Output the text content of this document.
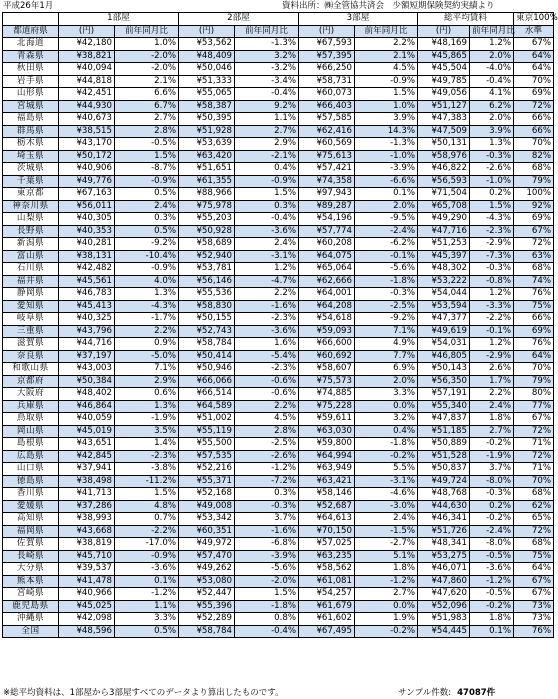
平成26年1月	資料出所：㈱全管協共済会　少額短期保険契約実績より
	1部屋		2部屋		3部屋		総平均賃料		東京100%
都道府県	(円)	前年同月比	(円)	前年同月比	(円)	前年同月比	(円)	前年同月比	水準
北海道	¥42,180	1.0%	¥53,562	-1.3%	¥67,593	2.2%	¥48,169	1.2%	67%
青森県	¥38,821	-2.0%	¥48,409	3.2%	¥57,395	2.1%	¥45,865	2.0%	64%
秋田県	¥40,094	-2.0%	¥50,046	-3.2%	¥66,250	4.5%	¥45,504	-4.0%	64%
岩手県	¥44,818	2.1%	¥51,333	-3.4%	¥58,731	-0.9%	¥49,785	-0.4%	70%
山形県	¥42,451	6.6%	¥55,065	-0.4%	¥60,073	1.5%	¥49,056	4.1%	69%
宮城県	¥44,930	6.7%	¥58,387	9.2%	¥66,403	1.0%	¥51,127	6.2%	72%
福島県	¥40,673	2.7%	¥50,395	1.1%	¥57,585	3.9%	¥47,383	2.0%	66%
群馬県	¥38,515	2.8%	¥51,928	2.7%	¥62,416	14.3%	¥47,509	3.9%	66%
栃木県	¥43,170	-0.5%	¥53,639	2.9%	¥60,569	-1.3%	¥50,131	1.3%	70%
埼玉県	¥50,172	1.5%	¥63,420	-2.1%	¥75,613	-1.0%	¥58,976	-0.3%	82%
茨城県	¥40,906	-8.7%	¥51,651	0.4%	¥57,421	-3.9%	¥46,822	-2.6%	68%
千葉県	¥49,776	-0.9%	¥61,355	-0.9%	¥74,358	-6.6%	¥56,593	-1.0%	79%
東京都	¥67,163	0.5%	¥88,966	1.5%	¥97,943	0.1%	¥71,504	0.2%	100%
神奈川県	¥56,011	2.4%	¥75,978	0.3%	¥89,287	2.0%	¥65,708	1.5%	92%
山梨県	¥40,305	0.3%	¥55,203	-0.4%	¥54,196	-9.5%	¥49,290	-4.3%	69%
長野県	¥40,353	0.5%	¥50,928	-3.6%	¥57,774	-2.4%	¥47,716	-2.3%	67%
新潟県	¥40,281	-9.2%	¥58,689	2.4%	¥60,208	-6.2%	¥51,253	-2.9%	72%
富山県	¥38,131	-10.4%	¥52,940	-3.1%	¥64,075	-0.1%	¥45,397	-7.3%	63%
石川県	¥42,482	-0.9%	¥53,781	1.2%	¥65,064	-5.6%	¥48,302	-0.3%	68%
福井県	¥45,561	4.0%	¥56,146	-4.7%	¥62,666	-1.8%	¥53,222	-0.8%	74%
静岡県	¥46,783	1.3%	¥55,536	2.2%	¥64,001	-0.3%	¥54,044	1.2%	76%
愛知県	¥45,413	-4.3%	¥58,830	-1.6%	¥64,208	-2.5%	¥53,594	-3.3%	75%
岐阜県	¥40,325	-1.7%	¥50,155	-2.3%	¥54,618	-9.2%	¥47,377	-2.2%	66%
三重県	¥43,796	2.2%	¥52,743	-3.6%	¥59,093	7.1%	¥49,619	-0.1%	69%
滋賀県	¥44,716	0.9%	¥58,784	1.6%	¥66,600	4.9%	¥54,031	1.2%	76%
奈良県	¥37,197	-5.0%	¥50,414	-5.4%	¥60,692	7.7%	¥46,805	-2.9%	64%
和歌山県	¥43,003	7.1%	¥50,946	-2.3%	¥58,607	6.9%	¥50,143	2.6%	70%
京都府	¥50,384	2.9%	¥66,066	-0.6%	¥75,573	2.0%	¥56,350	1.7%	79%
大阪府	¥48,402	0.6%	¥66,514	-0.6%	¥74,885	3.3%	¥57,191	2.2%	80%
兵庫県	¥46,864	1.3%	¥64,589	2.2%	¥75,228	0.0%	¥55,340	2.4%	77%
鳥取県	¥40,059	-1.9%	¥51,002	4.5%	¥59,611	3.2%	¥47,837	1.8%	67%
岡山県	¥45,019	3.5%	¥55,119	2.8%	¥63,030	0.4%	¥51,185	2.7%	72%
島根県	¥43,651	1.4%	¥55,500	-2.5%	¥59,800	-1.8%	¥50,889	-0.2%	71%
広島県	¥42,845	-2.3%	¥57,535	-2.6%	¥64,994	-0.2%	¥51,528	-1.9%	72%
山口県	¥37,941	-3.8%	¥52,216	-1.2%	¥63,949	5.5%	¥50,837	3.7%	71%
徳島県	¥38,498	-11.2%	¥55,371	-7.2%	¥63,421	-3.1%	¥49,724	-8.0%	70%
香川県	¥41,713	1.5%	¥52,168	0.3%	¥58,146	-4.6%	¥48,768	-0.3%	68%
愛媛県	¥37,286	4.8%	¥49,008	-0.3%	¥52,687	-3.0%	¥44,630	0.2%	62%
高知県	¥38,993	0.7%	¥53,342	3.7%	¥64,613	2.4%	¥46,341	-0.2%	65%
福岡県	¥43,668	-2.2%	¥60,351	-1.6%	¥70,150	-1.5%	¥51,726	-2.4%	72%
佐賀県	¥38,819	-17.0%	¥49,972	-6.8%	¥57,025	-2.7%	¥48,341	-8.0%	68%
長崎県	¥45,710	-0.9%	¥57,470	-3.9%	¥63,235	5.1%	¥53,275	-0.5%	75%
大分県	¥39,537	-3.6%	¥49,262	-5.6%	¥58,562	1.8%	¥46,071	-3.6%	64%
熊本県	¥41,478	0.1%	¥53,080	-2.0%	¥61,081	-1.2%	¥47,860	-1.2%	67%
宮崎県	¥40,966	-1.2%	¥52,447	1.5%	¥54,257	2.7%	¥47,620	-0.5%	67%
鹿児島県	¥45,025	1.1%	¥55,396	-1.8%	¥61,679	0.0%	¥52,096	-0.2%	73%
沖縄県	¥42,098	3.3%	¥52,289	0.8%	¥61,602	1.9%	¥51,983	1.8%	73%
全国	¥48,596	0.5%	¥58,784	-0.4%	¥67,495	-0.2%	¥54,445	0.1%	76%
※総平均資料は、1部屋から3部屋すべてのデータより算出したものです。	サンプル件数: 47087件
